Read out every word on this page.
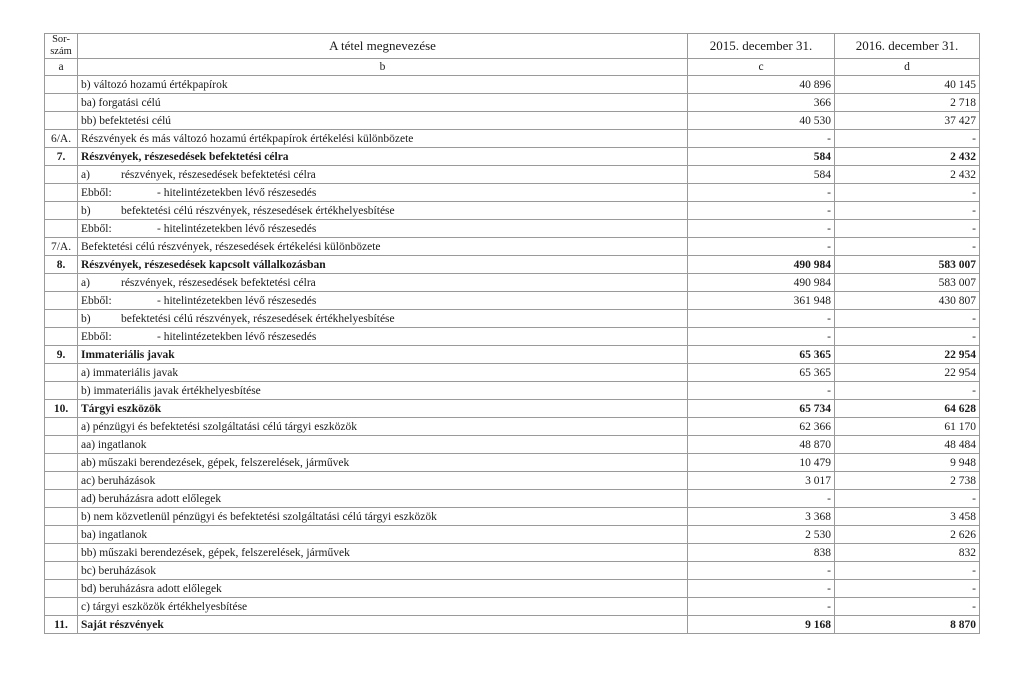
Sor-
szám	A tétel megnevezése	2015. december 31.	2016. december 31.
a	b	c	d
	b) változó hozamú értékpapírok	40 896	40 145
	ba) forgatási célú	366	2 718
	bb) befektetési célú	40 530	37 427
6/A.	Részvények és más változó hozamú értékpapírok értékelési különbözete	-	-
7.	Részvények, részesedések befektetési célra	584	2 432
	a) részvények, részesedések befektetési célra	584	2 432
	Ebből: - hitelintézetekben lévő részesedés	-	-
	b) befektetési célú részvények, részesedések értékhelyesbítése	-	-
	Ebből: - hitelintézetekben lévő részesedés	-	-
7/A.	Befektetési célú részvények, részesedések értékelési különbözete	-	-
8.	Részvények, részesedések kapcsolt vállalkozásban	490 984	583 007
	a) részvények, részesedések befektetési célra	490 984	583 007
	Ebből: - hitelintézetekben lévő részesedés	361 948	430 807
	b) befektetési célú részvények, részesedések értékhelyesbítése	-	-
	Ebből: - hitelintézetekben lévő részesedés	-	-
9.	Immateriális javak	65 365	22 954
	a) immateriális javak	65 365	22 954
	b) immateriális javak értékhelyesbítése	-	-
10.	Tárgyi eszközök	65 734	64 628
	a) pénzügyi és befektetési szolgáltatási célú tárgyi eszközök	62 366	61 170
	aa) ingatlanok	48 870	48 484
	ab) műszaki berendezések, gépek, felszerelések, járművek	10 479	9 948
	ac) beruházások	3 017	2 738
	ad) beruházásra adott előlegek	-	-
	b) nem közvetlenül pénzügyi és befektetési szolgáltatási célú tárgyi eszközök	3 368	3 458
	ba) ingatlanok	2 530	2 626
	bb) műszaki berendezések, gépek, felszerelések, járművek	838	832
	bc) beruházások	-	-
	bd) beruházásra adott előlegek	-	-
	c) tárgyi eszközök értékhelyesbítése	-	-
11.	Saját részvények	9 168	8 870
